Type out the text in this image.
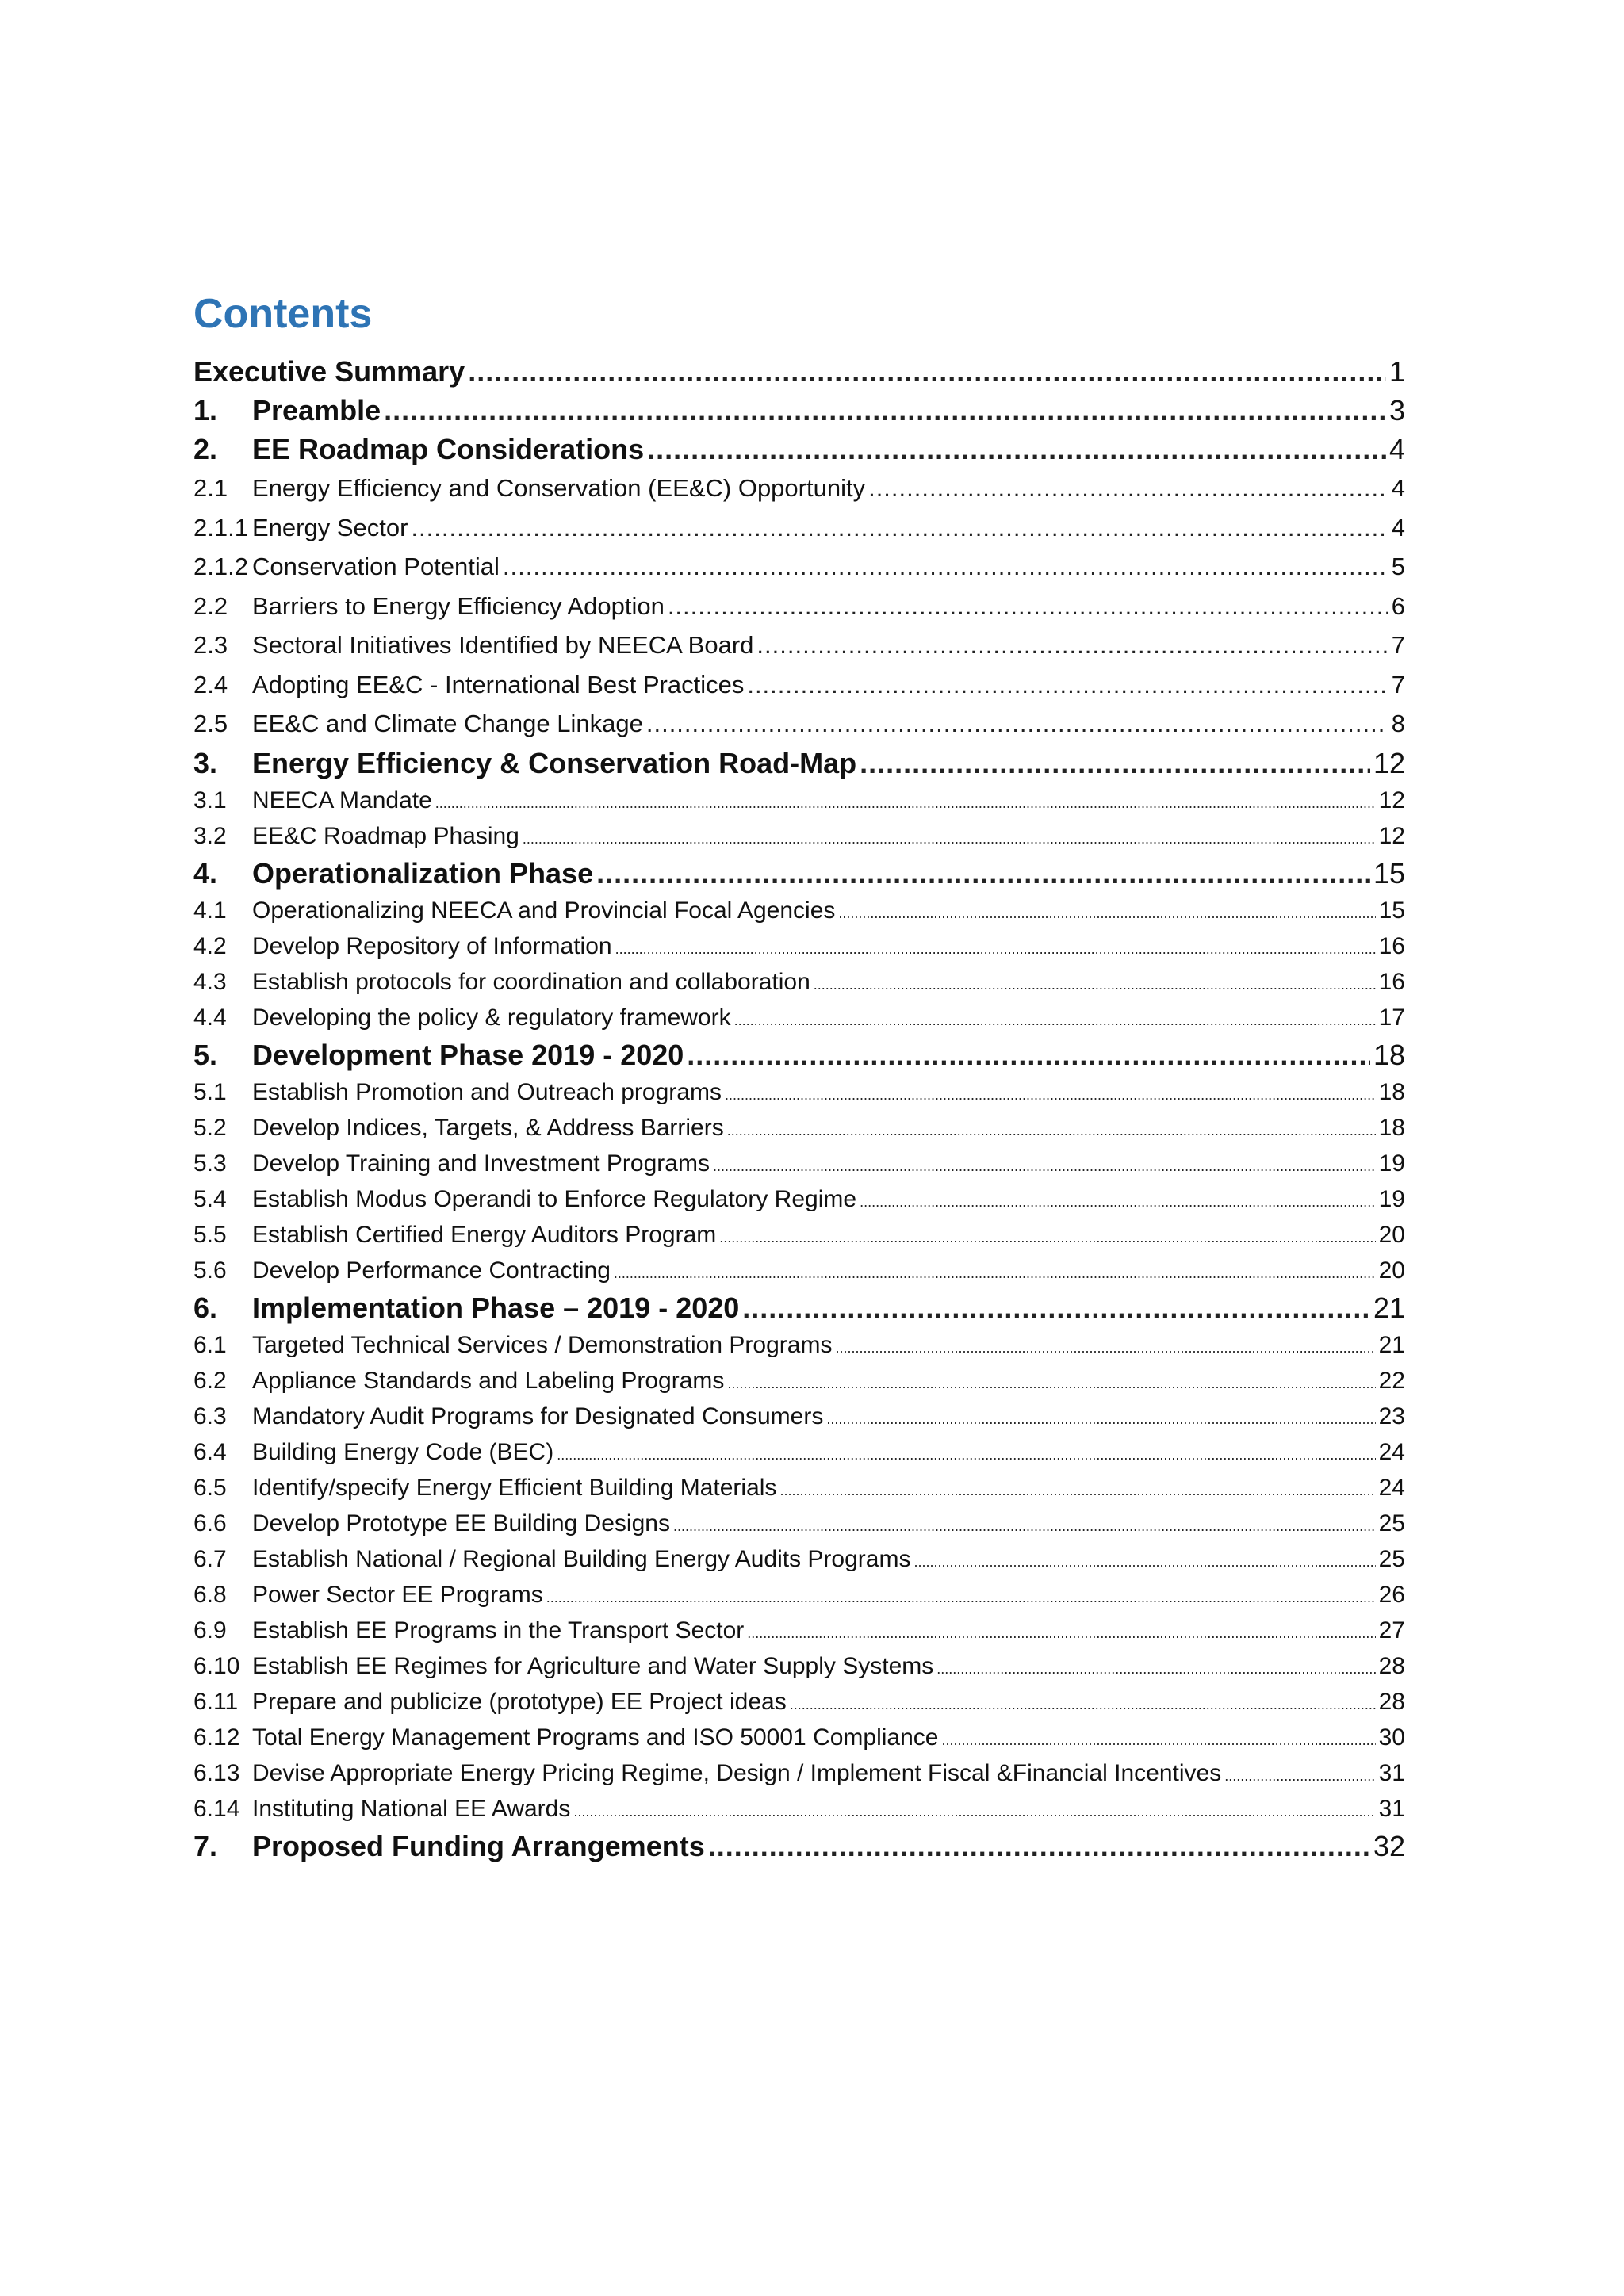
Contents
Executive Summary .....	1
1.	Preamble .....	3
2.	EE Roadmap Considerations .....	4
2.1 Energy Efficiency and Conservation (EE&C) Opportunity .....	4
2.1.1 Energy Sector .....	4
2.1.2 Conservation Potential .....	5
2.2 Barriers to Energy Efficiency Adoption .....	6
2.3 Sectoral Initiatives Identified by NEECA Board .....	7
2.4 Adopting EE&C - International Best Practices .....	7
2.5 EE&C and Climate Change Linkage .....	8
3.	Energy Efficiency & Conservation Road-Map .....	12
3.1	NEECA Mandate .....	12
3.2	EE&C Roadmap Phasing .....	12
4.	Operationalization Phase .....	15
4.1	Operationalizing NEECA and Provincial Focal Agencies .....	15
4.2	Develop Repository of Information .....	16
4.3	Establish protocols for coordination and collaboration .....	16
4.4	Developing the policy & regulatory framework .....	17
5.	Development Phase 2019 - 2020 .....	18
5.1	Establish Promotion and Outreach programs .....	18
5.2	Develop Indices, Targets, & Address Barriers .....	18
5.3	Develop Training and Investment Programs .....	19
5.4	Establish Modus Operandi to Enforce Regulatory Regime .....	19
5.5	Establish Certified Energy Auditors Program .....	20
5.6	Develop Performance Contracting .....	20
6.	Implementation Phase – 2019 - 2020 .....	21
6.1	Targeted Technical Services / Demonstration Programs .....	21
6.2	Appliance Standards and Labeling Programs .....	22
6.3	Mandatory Audit Programs for Designated Consumers .....	23
6.4	Building Energy Code (BEC) .....	24
6.5	Identify/specify Energy Efficient Building Materials .....	24
6.6	Develop Prototype EE Building Designs .....	25
6.7	Establish National / Regional Building Energy Audits Programs .....	25
6.8	Power Sector EE Programs .....	26
6.9	Establish EE Programs in the Transport Sector .....	27
6.10 Establish EE Regimes for Agriculture and Water Supply Systems .....	28
6.11 Prepare and publicize (prototype) EE Project ideas .....	28
6.12 Total Energy Management Programs and ISO 50001 Compliance .....	30
6.13 Devise Appropriate Energy Pricing Regime, Design / Implement Fiscal &Financial Incentives .....	31
6.14 Instituting National EE Awards .....	31
7.	Proposed Funding Arrangements .....	32
